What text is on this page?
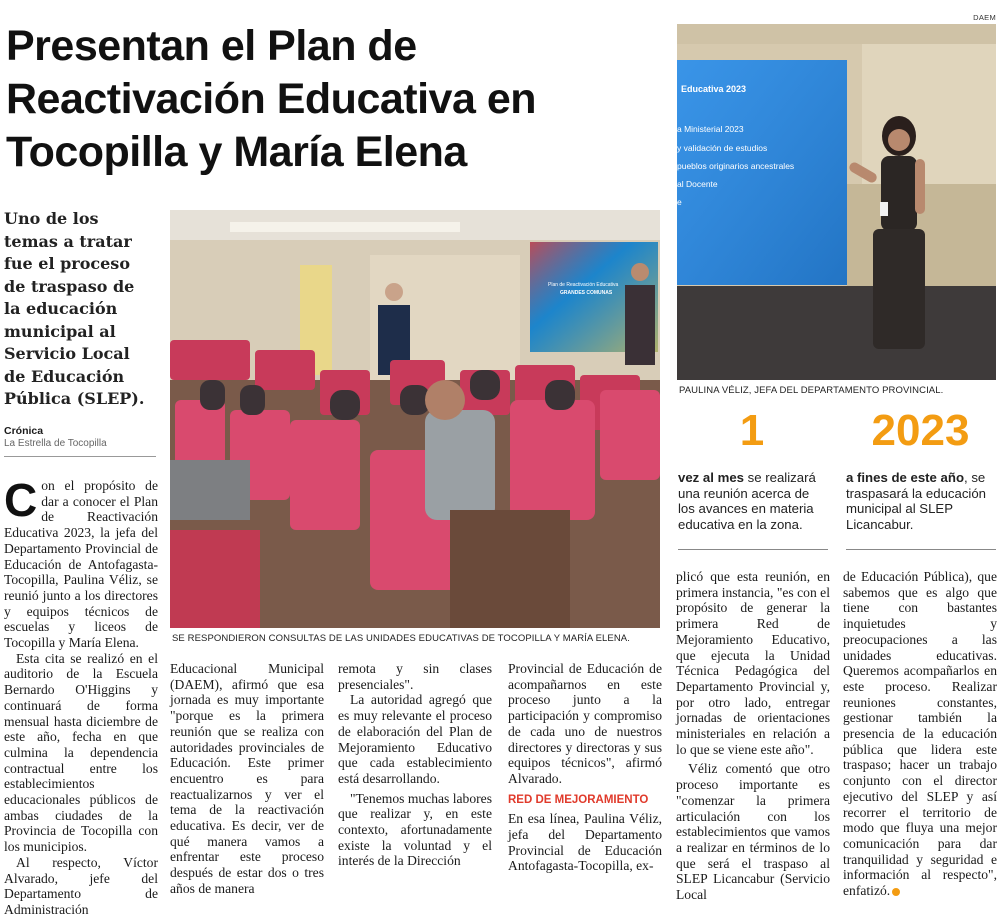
Presentan el Plan de
Reactivación Educativa en
Tocopilla y María Elena
Uno de los temas a tratar fue el proceso de traspaso de la educación municipal al Servicio Local de Educación Pública (SLEP).
Crónica
La Estrella de Tocopilla
DAEM
Plan de Reactivación Educativa
GRANDES COMUNAS
SE RESPONDIERON CONSULTAS DE LAS UNIDADES EDUCATIVAS DE TOCOPILLA Y MARÍA ELENA.
Educativa 2023
a Ministerial 2023
y validación de estudios
pueblos originarios ancestrales
al Docente
e
PAULINA VÉLIZ, JEFA DEL DEPARTAMENTO PROVINCIAL.
1
vez al mes se realizará una reunión acerca de los avances en materia educativa en la zona.
2023
a fines de este año, se traspasará la educación municipal al SLEP Licancabur.

Con el propósito de dar a conocer el Plan de Reactivación Educativa 2023, la jefa del Departamento Provincial de Educación de Antofagasta-Tocopilla, Paulina Véliz, se reunió junto a los directores y equipos técnicos de escuelas y liceos de Tocopilla y María Elena.

Esta cita se realizó en el auditorio de la Escuela Bernardo O'Higgins y continuará de forma mensual hasta diciembre de este año, fecha en que culmina la dependencia contractual entre los establecimientos educacionales públicos de ambas ciudades de la Provincia de Tocopilla con los municipios.

Al respecto, Víctor Alvarado, jefe del Departamento de Administración

Educacional Municipal (DAEM), afirmó que esa jornada es muy importante "porque es la primera reunión que se realiza con autoridades provinciales de Educación. Este primer encuentro es para reactualizarnos y ver el tema de la reactivación educativa. Es decir, ver de qué manera vamos a enfrentar este proceso después de estar dos o tres años de manera

remota y sin clases presenciales".

La autoridad agregó que es muy relevante el proceso de elaboración del Plan de Mejoramiento Educativo que cada establecimiento está desarrollando.

"Tenemos muchas labores que realizar y, en este contexto, afortunadamente existe la voluntad y el interés de la Dirección

Provincial de Educación de acompañarnos en este proceso junto a la participación y compromiso de cada uno de nuestros directores y directoras y sus equipos técnicos", afirmó Alvarado.

RED DE MEJORAMIENTO

En esa línea, Paulina Véliz, jefa del Departamento Provincial de Educación Antofagasta-Tocopilla, ex-

plicó que esta reunión, en primera instancia, "es con el propósito de generar la primera Red de Mejoramiento Educativo, que ejecuta la Unidad Técnica Pedagógica del Departamento Provincial y, por otro lado, entregar jornadas de orientaciones ministeriales en relación a lo que se viene este año".

Véliz comentó que otro proceso importante es "comenzar la primera articulación con los establecimientos que vamos a realizar en términos de lo que será el traspaso al SLEP Licancabur (Servicio Local

de Educación Pública), que sabemos que es algo que tiene con bastantes inquietudes y preocupaciones a las unidades educativas. Queremos acompañarlos en este proceso. Realizar reuniones constantes, gestionar también la presencia de la educación pública que lidera este traspaso; hacer un trabajo conjunto con el director ejecutivo del SLEP y así recorrer el territorio de modo que fluya una mejor comunicación para dar tranquilidad y seguridad e información al respecto", enfatizó.
